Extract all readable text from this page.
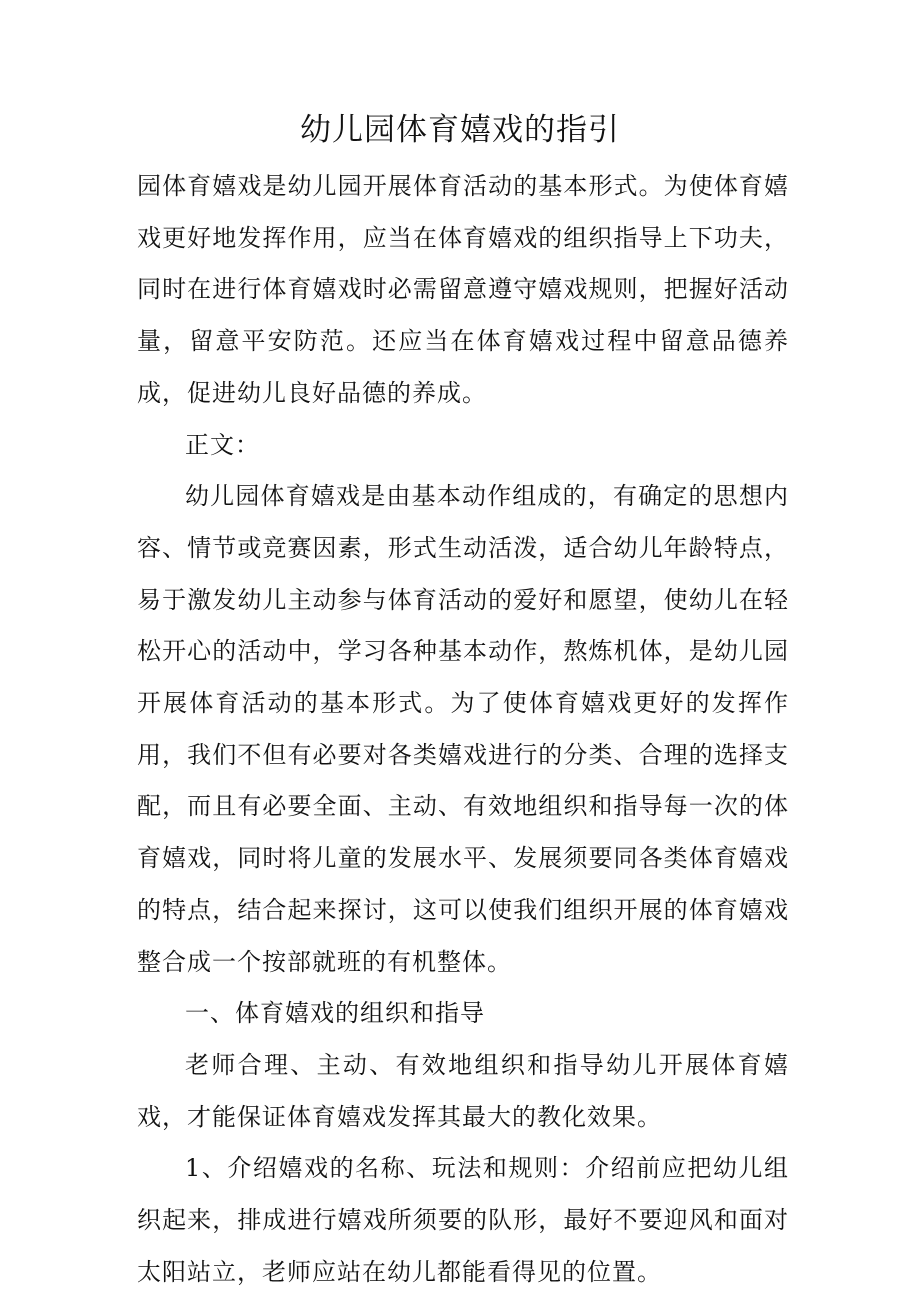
幼儿园体育嬉戏的指引

园体育嬉戏是幼儿园开展体育活动的基本形式。为使体育嬉戏更好地发挥作用，应当在体育嬉戏的组织指导上下功夫，同时在进行体育嬉戏时必需留意遵守嬉戏规则，把握好活动量，留意平安防范。还应当在体育嬉戏过程中留意品德养成，促进幼儿良好品德的养成。

正文：

幼儿园体育嬉戏是由基本动作组成的，有确定的思想内容、情节或竞赛因素，形式生动活泼，适合幼儿年龄特点，易于激发幼儿主动参与体育活动的爱好和愿望，使幼儿在轻松开心的活动中，学习各种基本动作，熬炼机体，是幼儿园开展体育活动的基本形式。为了使体育嬉戏更好的发挥作用，我们不但有必要对各类嬉戏进行的分类、合理的选择支配，而且有必要全面、主动、有效地组织和指导每一次的体育嬉戏，同时将儿童的发展水平、发展须要同各类体育嬉戏的特点，结合起来探讨，这可以使我们组织开展的体育嬉戏整合成一个按部就班的有机整体。

一、体育嬉戏的组织和指导

老师合理、主动、有效地组织和指导幼儿开展体育嬉戏，才能保证体育嬉戏发挥其最大的教化效果。

1、介绍嬉戏的名称、玩法和规则：介绍前应把幼儿组织起来，排成进行嬉戏所须要的队形，最好不要迎风和面对太阳站立，老师应站在幼儿都能看得见的位置。
